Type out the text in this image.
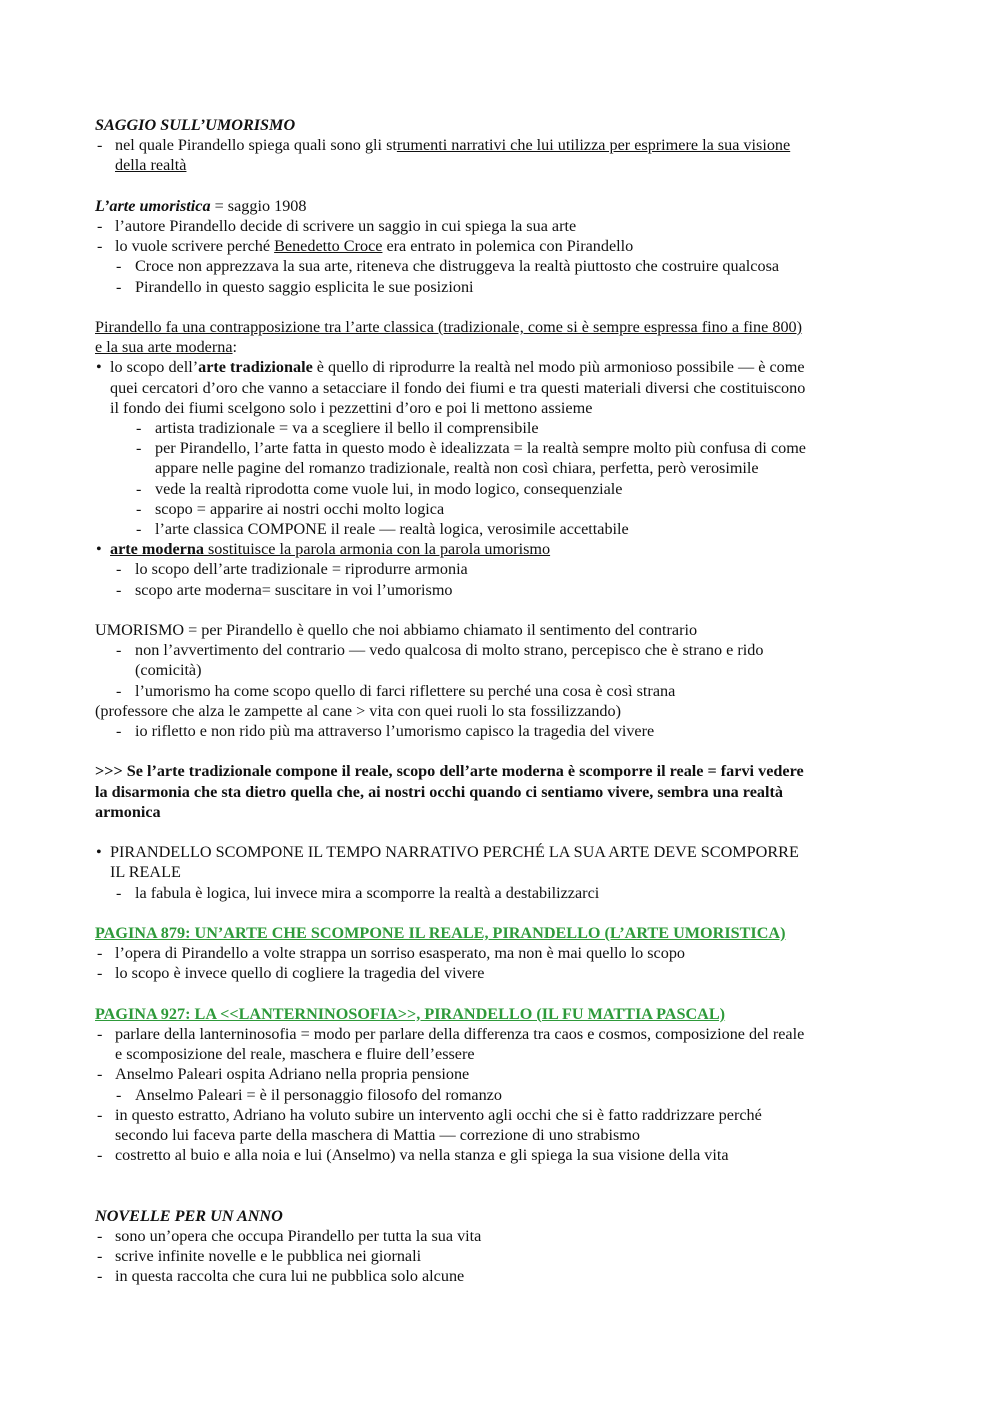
SAGGIO SULL’UMORISMO
- nel quale Pirandello spiega quali sono gli strumenti narrativi che lui utilizza per esprimere la sua visione
della realtà
L’arte umoristica = saggio 1908
- l’autore Pirandello decide di scrivere un saggio in cui spiega la sua arte
- lo vuole scrivere perché Benedetto Croce era entrato in polemica con Pirandello
- Croce non apprezzava la sua arte, riteneva che distruggeva la realtà piuttosto che costruire qualcosa
- Pirandello in questo saggio esplicita le sue posizioni
Pirandello fa una contrapposizione tra l’arte classica (tradizionale, come si è sempre espressa fino a fine 800)
e la sua arte moderna:
• lo scopo dell’arte tradizionale è quello di riprodurre la realtà nel modo più armonioso possibile — è come
quei cercatori d’oro che vanno a setacciare il fondo dei fiumi e tra questi materiali diversi che costituiscono
il fondo dei fiumi scelgono solo i pezzettini d’oro e poi li mettono assieme
- artista tradizionale = va a scegliere il bello il comprensibile
- per Pirandello, l’arte fatta in questo modo è idealizzata = la realtà sempre molto più confusa di come
appare nelle pagine del romanzo tradizionale, realtà non così chiara, perfetta, però verosimile
- vede la realtà riprodotta come vuole lui, in modo logico, consequenziale
- scopo = apparire ai nostri occhi molto logica
- l’arte classica COMPONE il reale — realtà logica, verosimile accettabile
• arte moderna sostituisce la parola armonia con la parola umorismo
- lo scopo dell’arte tradizionale = riprodurre armonia
- scopo arte moderna= suscitare in voi l’umorismo
UMORISMO = per Pirandello è quello che noi abbiamo chiamato il sentimento del contrario
- non l’avvertimento del contrario — vedo qualcosa di molto strano, percepisco che è strano e rido
(comicità)
- l’umorismo ha come scopo quello di farci riflettere su perché una cosa è così strana
(professore che alza le zampette al cane > vita con quei ruoli lo sta fossilizzando)
- io rifletto e non rido più ma attraverso l’umorismo capisco la tragedia del vivere
>>> Se l’arte tradizionale compone il reale, scopo dell’arte moderna è scomporre il reale = farvi vedere
la disarmonia che sta dietro quella che, ai nostri occhi quando ci sentiamo vivere, sembra una realtà
armonica
• PIRANDELLO SCOMPONE IL TEMPO NARRATIVO PERCHÉ LA SUA ARTE DEVE SCOMPORRE
IL REALE
- la fabula è logica, lui invece mira a scomporre la realtà a destabilizzarci
PAGINA 879: UN’ARTE CHE SCOMPONE IL REALE, PIRANDELLO (L’ARTE UMORISTICA)
- l’opera di Pirandello a volte strappa un sorriso esasperato, ma non è mai quello lo scopo
- lo scopo è invece quello di cogliere la tragedia del vivere
PAGINA 927: LA <<LANTERNINOSOFIA>>, PIRANDELLO (IL FU MATTIA PASCAL)
- parlare della lanterninosofia = modo per parlare della differenza tra caos e cosmos, composizione del reale
e scomposizione del reale, maschera e fluire dell’essere
- Anselmo Paleari ospita Adriano nella propria pensione
- Anselmo Paleari = è il personaggio filosofo del romanzo
- in questo estratto, Adriano ha voluto subire un intervento agli occhi che si è fatto raddrizzare perché
secondo lui faceva parte della maschera di Mattia — correzione di uno strabismo
- costretto al buio e alla noia e lui (Anselmo) va nella stanza e gli spiega la sua visione della vita
NOVELLE PER UN ANNO
- sono un’opera che occupa Pirandello per tutta la sua vita
- scrive infinite novelle e le pubblica nei giornali
- in questa raccolta che cura lui ne pubblica solo alcune
